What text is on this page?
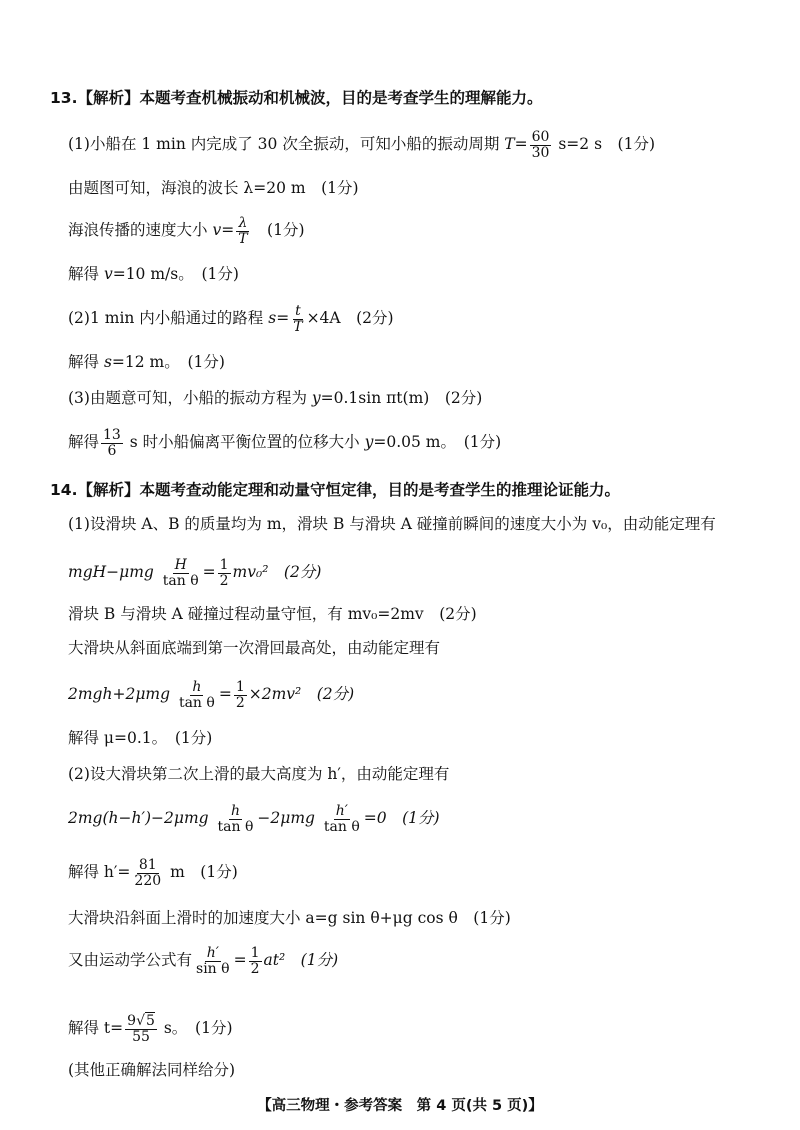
13.【解析】本题考查机械振动和机械波，目的是考查学生的理解能力。
(1)小船在 1 min 内完成了 30 次全振动，可知小船的振动周期 $T= \frac{60}{30} s=2$ s　(1分)
由题图可知，海浪的波长 λ=20 m　(1分)
海浪传播的速度大小 $v= \frac{\lambda}{T}$ 　(1分)
解得 v=10 m/s。　(1分)
(2)1 min 内小船通过的路程 $s= \frac{t}{T} \times 4A$　(2分)
解得 s=12 m。　(1分)
(3)由题意可知，小船的振动方程为 y=0.1sin πt(m)　(2分)
解得 $\frac{13}{6}$ s 时小船偏离平衡位置的位移大小 y=0.05 m。　(1分)
14.【解析】本题考查动能定理和动量守恒定律，目的是考查学生的推理论证能力。
(1)设滑块 A、B 的质量均为 m，滑块 B 与滑块 A 碰撞前瞬间的速度大小为 v₀，由动能定理有
$mgH-\mu mg \frac{H}{\text{tan θ}} = \frac{1}{2} mv_0^2$　(2分)
滑块 B 与滑块 A 碰撞过程动量守恒，有 mv₀=2mv　(2分)
大滑块从斜面底端到第一次滑回最高处，由动能定理有
$2mgh+2\mu mg \frac{h}{\text{tan θ}} = \frac{1}{2} \times 2mv^2$　(2分)
解得 μ=0.1。　(1分)
(2)设大滑块第二次上滑的最大高度为 h′，由动能定理有
$2mg(h-h')-2\mu mg \frac{h}{\text{tan θ}} -2\mu mg \frac{h'}{\text{tan θ}} =0$　(1分)
解得 $h'= \frac{81}{220}$ m　(1分)
大滑块沿斜面上滑时的加速度大小 a=g sin θ+μg cos θ　(1分)
又由运动学公式有 $\frac{h'}{\text{sin θ}} = \frac{1}{2} at^2$　(1分)
解得 $t= \frac{9√5}{55}$ s。　(1分)
(其他正确解法同样给分)
【高三物理・参考答案　第 4 页(共 5 页)】
